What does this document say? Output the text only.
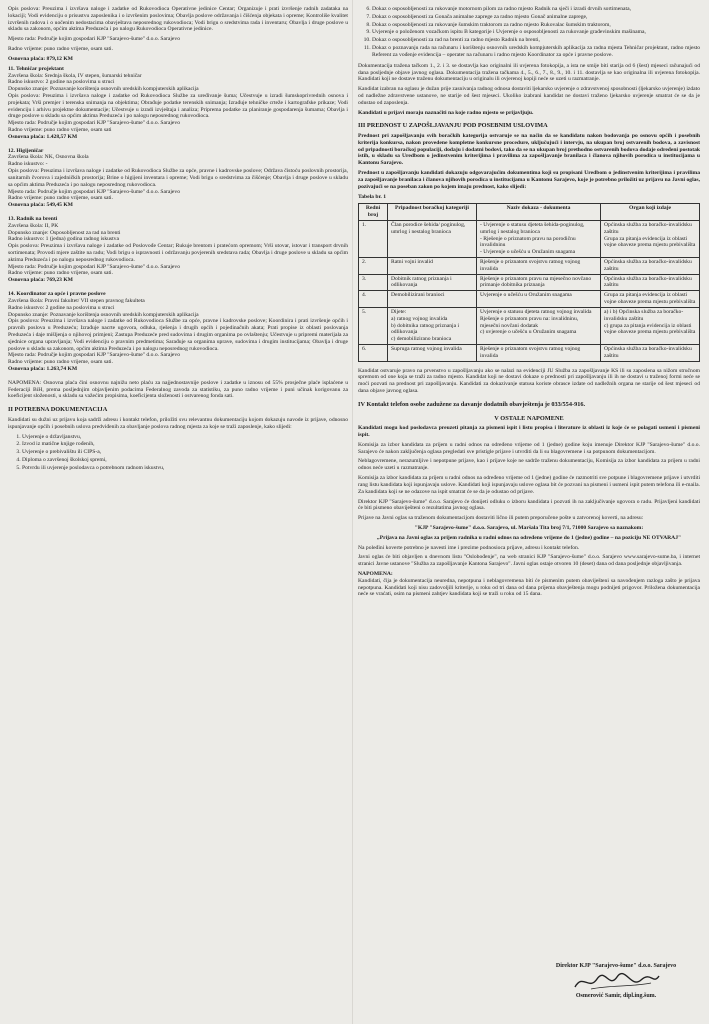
Opis poslova: Preuzima i izvršava naloge i zadatke od Rukovodioca Operativne jedinice Centar; Organizuje i prati izvršenje radnih zadataka na lokaciji; Vodi evidenciju o prisustvu zaposlenika i o izvršenim poslovima; Obavlja poslove održavanja i čišćenja objekata i opreme; Kontroliše kvalitet izvršenih radova i o uočenim nedostacima obavještava neposrednog rukovodioca; Vodi brigu o sredstvima rada i inventaru; Obavlja i druge poslove u skladu sa zakonom, općim aktima Preduzeća i po nalogu Rukovodioca Operativne jedinice.

Mjesto rada: Područje kojim gospodari KJP "Sarajevo-šume" d.o.o. Sarajevo

Radno vrijeme: puno radno vrijeme, osam sati.

Osnovna plaća: 879,12 KM

11. Tehničar projektant
Završena škola: Srednja škola, IV stepen, šumarski tehničar
Radno iskustvo: 2 godine na poslovima u struci
Dopunsko znanje: Poznavanje korištenja osnovnih uredskih kompjuterskih aplikacija
Opis poslova: Preuzima i izvršava naloge i zadatke od Rukovodioca Službe za uređivanje šuma; Učestvuje u izradi šumskoprivrednih osnova i projekata; Vrši premjer i terenska snimanja na objektima; Obrađuje podatke terenskih snimanja; Izrađuje tehničke crteže i kartografske prikaze; Vodi evidenciju i arhivu projektne dokumentacije; Učestvuje u izradi izvještaja i analiza; Priprema podatke za planiranje gospodarenja šumama; Obavlja i druge poslove u skladu sa općim aktima Preduzeća i po nalogu neposrednog rukovodioca.
Mjesto rada: Područje kojim gospodari KJP "Sarajevo-šume" d.o.o. Sarajevo
Radno vrijeme: puno radno vrijeme, osam sati
Osnovna plaća: 1.428,57 KM
12. Higijeničar
Završena škola: NK, Osnovna škola
Radno iskustvo: -
Opis poslova: Preuzima i izvršava naloge i zadatke od Rukovodioca Službe za opće, pravne i kadrovske poslove; Održava čistoću poslovnih prostorija, sanitarnih čvorova i zajedničkih prostorija; Brine o higijeni inventara i opreme; Vodi brigu o sredstvima za čišćenje; Obavlja i druge poslove u skladu sa općim aktima Preduzeća i po nalogu neposrednog rukovodioca.
Mjesto rada: Područje kojim gospodari KJP "Sarajevo-šume" d.o.o. Sarajevo
Radno vrijeme: puno radno vrijeme, osam sati.
Osnovna plaća: 549,45 KM
13. Radnik na brenti
Završena škola: II, PK
Dopunsko znanje: Osposobljenost za rad na brenti
Radno iskustvo: 1 (jedna) godina radnog iskustva
Opis poslova: Preuzima i izvršava naloge i zadatke od Poslovođe Centar; Rukuje brentom i pratećom opremom; Vrši utovar, istovar i transport drvnih sortimenata; Provodi mjere zaštite na radu; Vodi brigu o ispravnosti i održavanju povjerenih sredstava rada; Obavlja i druge poslove u skladu sa općim aktima Preduzeća i po nalogu neposrednog rukovodioca.
Mjesto rada: Područje kojim gospodari KJP "Sarajevo-šume" d.o.o. Sarajevo
Radno vrijeme: puno radno vrijeme, osam sati.
Osnovna plaća: 769,23 KM
14. Koordinator za opće i pravne poslove
Završena škola: Pravni fakultet/ VII stepen pravnog fakulteta
Radno iskustvo: 2 godine na poslovima u struci
Dopunsko znanje: Poznavanje korištenja osnovnih uredskih kompjuterskih aplikacija
Opis poslova: Preuzima i izvršava naloge i zadatke od Rukovodioca Službe za opće, pravne i kadrovske poslove; Koordinira i prati izvršenje općih i pravnih poslova u Preduzeću; Izrađuje nacrte ugovora, odluka, rješenja i drugih općih i pojedinačnih akata; Prati propise iz oblasti poslovanja Preduzeća i daje mišljenja o njihovoj primjeni; Zastupa Preduzeće pred sudovima i drugim organima po ovlaštenju; Učestvuje u pripremi materijala za sjednice organa upravljanja; Vodi evidenciju o pravnim predmetima; Sarađuje sa organima uprave, sudovima i drugim institucijama; Obavlja i druge poslove u skladu sa zakonom, općim aktima Preduzeća i po nalogu neposrednog rukovodioca.
Mjesto rada: Područje kojim gospodari KJP "Sarajevo-šume" d.o.o. Sarajevo
Radno vrijeme: puno radno vrijeme, osam sati.
Osnovna plaća: 1.263,74 KM

NAPOMENA: Osnovna plaća čini osnovnu najnižu neto plaću za najjednostavnije poslove i zadatke u iznosu od 55% prosječne plaće isplaćene u Federaciji BiH, prema posljednjim objavljenim podacima Federalnog zavoda za statistiku, za puno radno vrijeme i puni učinak korigovanu za koeficijent složenosti, u skladu sa važećim propisima, koeficijenta složenosti i ostvarenog fonda sati.

II POTREBNA DOKUMENTACIJA

Kandidati su dužni uz prijavu koja sadrži adresu i kontakt telefon, priložiti svu relevantnu dokumentaciju kojom dokazuju navode iz prijave, odnosno ispunjavanje općih i posebnih uslova predviđenih za obavljanje poslova radnog mjesta za koje se traži zaposlenje, kako slijedi:

1. Uvjerenje o državljanstvu,
2. Izvod iz matične knjige rođenih,
3. Uvjerenje o prebivalištu ili CIPS-a,
4. Diploma o završenoj školskoj spremi,
5. Potvrdu ili uvjerenje poslodavca o potrebnom radnom iskustvu,
6. Dokaz o osposobljenosti za rukovanje motornom pilom za radno mjesto Radnik na sječi i izradi drvnih sortimenata,
7. Dokaz o osposobljenosti za Gonača animalne zaprege za radno mjesto Gonač animalne zaprege,
8. Dokaz o osposobljenosti za rukovanje šumskim traktorom za radno mjesto Rukovalac šumskim traktorom,
9. Uvjerenje o položenom vozačkom ispitu B kategorije i Uvjerenje o osposobljenosti za rukovanje građevinskim mašinama,
10. Dokaz o osposobljenosti za rad na brenti za radno mjesto Radnik na brenti,
11. Dokaz o poznavanju rada na računaru i korištenju osnovnih uredskih kompjuterskih aplikacija za radna mjesta Tehničar projektant, radno mjesto Referent za vođenje evidencija – operater na računaru i radno mjesto Koordinator za opće i pravne poslove.

Dokumentacija tražena tačkom 1., 2. i 3. se dostavlja kao originalni ili uvjerena fotokopija, a ista ne smije biti starija od 6 (šest) mjeseci računajući od dana posljednje objave javnog oglasa. Dokumentacija tražena tačkama 4., 5., 6., 7., 8., 9., 10. i 11. dostavlja se kao originalna ili uvjerena fotokopija. Kandidati koji ne dostave traženu dokumentaciju u originalu ili ovjerenoj kopiji neće se uzeti u razmatranje.

Kandidat izabran na oglasu je dužan prije zasnivanja radnog odnosa dostaviti ljekarsko uvjerenje o zdravstvenoj sposobnosti (ljekarsko uvjerenje) izdato od nadležne zdravstvene ustanove, ne starije od šest mjeseci. Ukoliko izabrani kandidat ne dostavi traženo ljekarsko uvjerenje smatrat će se da je odustao od zaposlenja.

Kandidati u prijavi moraju naznačiti na koje radno mjesto se prijavljuju.

III PREDNOST U ZAPOŠLJAVANJU POD POSEBNIM USLOVIMA

Prednost pri zapošljavanju svih boračkih kategorija ostvaruje se na način da se kandidatu nakon bodovanja po osnovu općih i posebnih kriterija konkursa, nakon provedene kompletne konkursne procedure, uključujući i intervju, na ukupan broj ostvarenih bodova, a zavisnost od pripadnosti boračkoj populaciji, dodaju i dodatni bodovi, tako da se na ukupan broj prethodno ostvarenih bodova dodaje određeni postotak istih, u skladu sa Uredbom o jedinstvenim kriterijima i pravilima za zapošljavanje branilaca i članova njihovih porodica u institucijama u Kantonu Sarajevo.

Prednost u zapošljavanju kandidati dokazuju odgovarajućim dokumentima koji su propisani Uredbom o jedinstvenim kriterijima i pravilima za zapošljavanje branilaca i članova njihovih porodica u institucijama u Kantonu Sarajevo, koje je potrebno priložiti uz prijavu na Javni oglas, pozivajući se na poseban zakon po kojem imaju prednost, kako slijedi:

Tabela br. 1
Redni broj	Pripadnost boračkoj kategoriji	Naziv dokaza - dokumenta	Organ koji izdaje
1.	Član porodice šehida/ poginulog, umrlog i nestalog branioca	- Uvjerenje o statusu djeteta šehida-poginulog, umrlog i nestalog branioca
- Rješenje o priznatom pravu na porodičnu invalidninu
- Uvjerenje o učešću u Oružanim snagama	Općinska služba za boračko-invalidsku zaštitu
Grupa za pitanja evidencija iz oblasti vojne obaveze prema mjestu prebivališta
2.	Ratni vojni invalid	Rješenje o priznatom svojstvu ratnog vojnog invalida	Općinska služba za boračko-invalidsku zaštitu
3.	Dobitnik ratnog priznanja i odlikovanja	Rješenje o priznatom pravu na mjesečno novčano primanje dobitnika priznanja	Općinska služba za boračko-invalidsku zaštitu
4.	Demobilizirani branioci	Uvjerenje o učešću u Oružanim snagama	Grupa za pitanja evidencija iz oblasti vojne obaveze prema mjestu prebivališta
5.	Dijete:
a) ratnog vojnog invalida
b) dobitnika ratnog priznanja i odlikovanja
c) demobilizirano branioca	Uvjerenje o statusu djeteta ratnog vojnog invalida
Rješenje o priznatom pravu na: invalidninu, mjesečni novčani dodatak
c) uvjerenje o učešću u Oružanim snagama	a) i b) Općinska služba za boračko-invalidsku zaštitu
c) grupa za pitanja evidencija iz oblasti vojne obaveze prema mjestu prebivališta
6.	Supruga ratnog vojnog invalida	Rješenje o priznatom svojstvu ratnog vojnog invalida	Općinska služba za boračko-invalidsku zaštitu

Kandidat ostvaruje pravo na prvenstvo u zapošljavanju ako se nalazi na evidenciji JU Služba za zapošljavanje KS ili su zaposlena sa nižom stručnom spremom od one koja se traži za radno mjesto. Kandidat koji ne dostavi dokaze o prednosti pri zapošljavanju ili ih ne dostavi u traženoj formi neće se moći pozvati na prednost pri zapošljavanju. Kandidati za dokazivanje statusa koriste obrasce izdate od nadležnih organa ne starije od šest mjeseci od dana objave javnog oglasa.

IV Kontakt telefon osobe zadužene za davanje dodatnih obavještenja je 033/554-916.
V OSTALE NAPOMENE

Kandidati mogu kod poslodavca preuzeti pitanja za pismeni ispit i listu propisa i literature iz oblasti iz koje će se polagati usmeni i pismeni ispit.

Komisija za izbor kandidata za prijem u radni odnos na određeno vrijeme od 1 (jedne) godine koju imenuje Direktor KJP "Sarajevo-šume" d.o.o. Sarajevo će nakon zaključenja oglasa pregledati sve pristigle prijave i utvrditi da li su blagovremene i sa potpunom dokumentacijom.

Neblagovremene, nerazumljive i nepotpune prijave, kao i prijave koje ne sadrže traženu dokumentaciju, Komisija za izbor kandidata za prijem u radni odnos neće uzeti u razmatranje.

Komisija za izbor kandidata za prijem u radni odnos na određeno vrijeme od 1 (jedne) godine će razmotriti sve potpune i blagovremene prijave i utvrditi rang listu kandidata koji ispunjavaju uslove. Kandidati koji ispunjavaju uslove oglasa bit će pozvani na pismeni i usmeni ispit putem telefona ili e-maila. Za kandidata koji se ne odazove na ispit smatrat će se da je odustao od prijave.

Direktor KJP "Sarajevo-šume" d.o.o. Sarajevo će donijeti odluku o izboru kandidata i pozvati ih na zaključivanje ugovora o radu. Prijavljeni kandidati će biti pismeno obaviješteni o rezultatima javnog oglasa.

Prijave na Javni oglas sa traženom dokumentacijom dostaviti lično ili putem preporučene pošte u zatvorenoj koverti, na adresu:

"KJP "Sarajevo-šume" d.o.o. Sarajevo, ul. Maršala Tita broj 7/1, 71000 Sarajevo sa naznakom:

„Prijava na Javni oglas za prijem radnika u radni odnos na određeno vrijeme do 1 (jedne) godine – na poziciju NE OTVARAJ"

Na poleđini koverte potrebno je navesti ime i prezime podnosioca prijave, adresu i kontakt telefon.

Javni oglas će biti objavljen u dnevnom listu "Oslobođenje", na web stranici KJP "Sarajevo-šume" d.o.o. Sarajevo www.sarajevo-sume.ba, i internet stranici Javne ustanove "Služba za zapošljavanje Kantona Sarajevo". Javni oglas ostaje otvoren 10 (deset) dana od dana posljednje objavljivanja.

NAPOMENA:

Kandidati, čija je dokumentacija neuredna, nepotpuna i neblagovremena biti će pismenim putem obaviješteni sa navođenjem razloga zašto je prijava nepotpuna. Kandidati koji nisu zadovoljili kriterije, u roku od tri dana od dana prijema obavještenja mogu podnijeti prigovor. Priložena dokumentacija neće se vraćati, osim na pismeni zahtjev kandidata koji se traži u roku od 15 dana.

Direktor KJP "Sarajevo-šume" d.o.o. Sarajevo
Osmerović Samir, dipl.ing.šum.
